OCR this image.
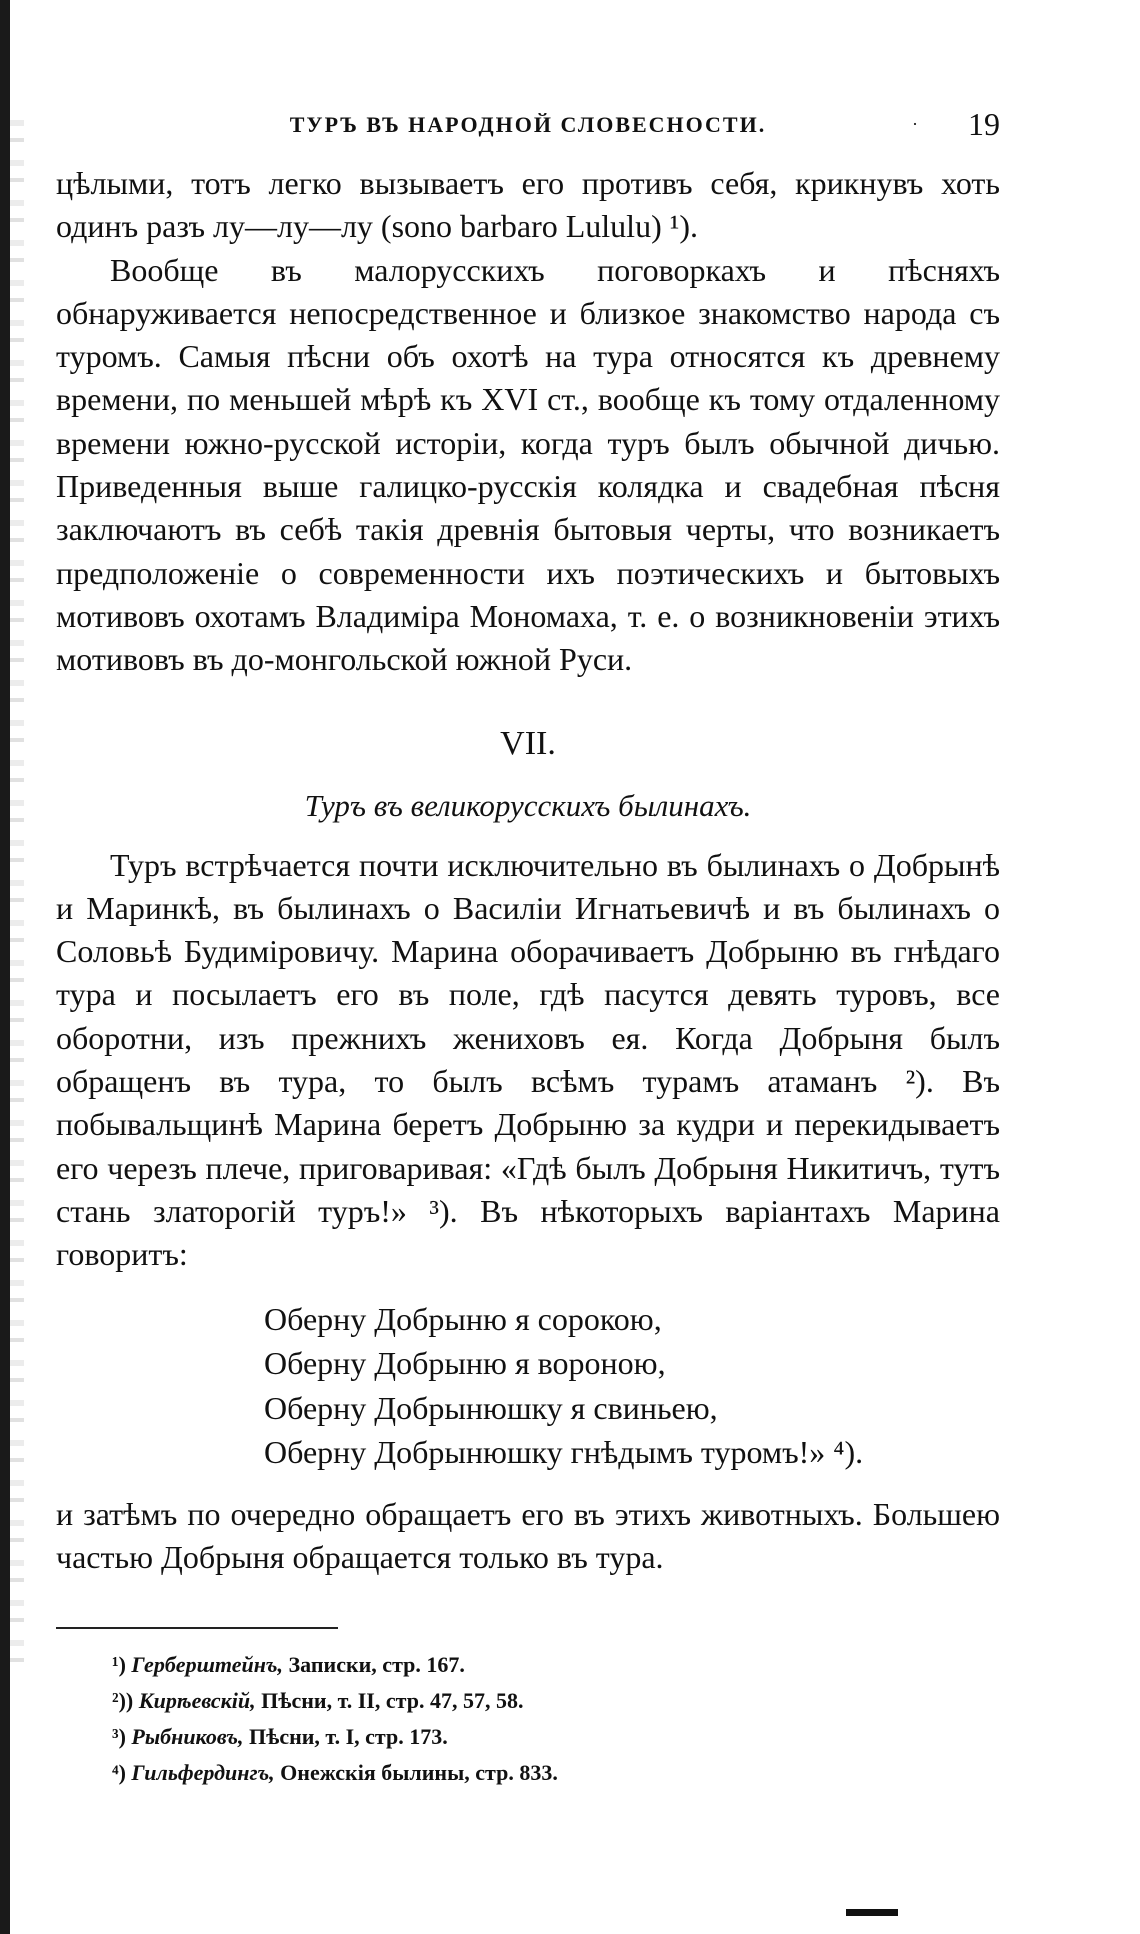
ТУРЪ ВЪ НАРОДНОЙ СЛОВЕСНОСТИ.	· 19

цѣлыми, тотъ легко вызываетъ его противъ себя, крикнувъ хоть одинъ разъ лу—лу—лу (sono barbaro Lululu) ¹).

Вообще въ малорусскихъ поговоркахъ и пѣсняхъ обнаруживается непосредственное и близкое знакомство народа съ туромъ. Самыя пѣсни объ охотѣ на тура относятся къ древнему времени, по меньшей мѣрѣ къ XVI ст., вообще къ тому отдаленному времени южно-русской исторіи, когда туръ былъ обычной дичью. Приведенныя выше галицко-русскія колядка и свадебная пѣсня заключаютъ въ себѣ такія древнія бытовыя черты, что возникаетъ предположеніе о современности ихъ поэтическихъ и бытовыхъ мотивовъ охотамъ Владиміра Мономаха, т. е. о возникновеніи этихъ мотивовъ въ до-монгольской южной Руси.

VII.
Туръ въ великорусскихъ былинахъ.

Туръ встрѣчается почти исключительно въ былинахъ о Добрынѣ и Маринкѣ, въ былинахъ о Василіи Игнатьевичѣ и въ былинахъ о Соловьѣ Будиміровичу. Марина оборачиваетъ Добрыню въ гнѣдаго тура и посылаетъ его въ поле, гдѣ пасутся девять туровъ, все оборотни, изъ прежнихъ жениховъ ея. Когда Добрыня былъ обращенъ въ тура, то былъ всѣмъ турамъ атаманъ ²). Въ побывальщинѣ Марина беретъ Добрыню за кудри и перекидываетъ его черезъ плече, приговаривая: «Гдѣ былъ Добрыня Никитичъ, тутъ стань златорогій туръ!» ³). Въ нѣкоторыхъ варіантахъ Марина говоритъ:

Оберну Добрыню я сорокою,
Оберну Добрыню я вороною,
Оберну Добрынюшку я свиньею,
Оберну Добрынюшку гнѣдымъ туромъ!» ⁴).

и затѣмъ по очередно обращаетъ его въ этихъ животныхъ. Большею частью Добрыня обращается только въ тура.

¹) Герберштейнъ, Записки, стр. 167.
²)) Кирѣевскій, Пѣсни, т. II, стр. 47, 57, 58.
³) Рыбниковъ, Пѣсни, т. I, стр. 173.
⁴) Гильфердингъ, Онежскія былины, стр. 833.
